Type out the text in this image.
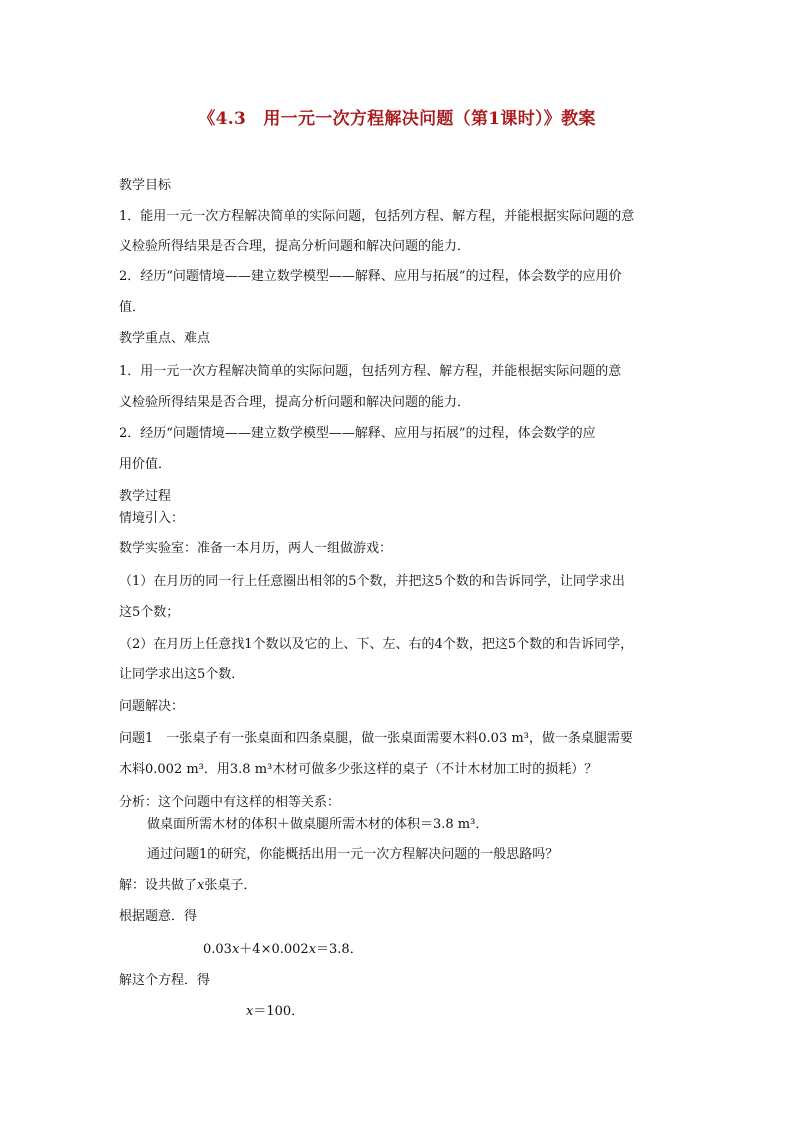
《4.3　用一元一次方程解决问题（第1课时）》教案
教学目标
1．能用一元一次方程解决简单的实际问题，包括列方程、解方程，并能根据实际问题的意
义检验所得结果是否合理，提高分析问题和解决问题的能力．
2．经历“问题情境——建立数学模型——解释、应用与拓展”的过程，体会数学的应用价
值．
教学重点、难点
1．用一元一次方程解决简单的实际问题，包括列方程、解方程，并能根据实际问题的意
义检验所得结果是否合理，提高分析问题和解决问题的能力．
2．经历“问题情境——建立数学模型——解释、应用与拓展”的过程，体会数学的应
用价值．
教学过程
情境引入：
数学实验室：准备一本月历，两人一组做游戏：
（1）在月历的同一行上任意圈出相邻的5个数，并把这5个数的和告诉同学，让同学求出
这5个数；
（2）在月历上任意找1个数以及它的上、下、左、右的4个数，把这5个数的和告诉同学，
让同学求出这5个数．
问题解决：
问题1　一张桌子有一张桌面和四条桌腿，做一张桌面需要木料0.03 m³，做一条桌腿需要
木料0.002 m³．用3.8 m³木材可做多少张这样的桌子（不计木材加工时的损耗）？
分析：这个问题中有这样的相等关系：
做桌面所需木材的体积＋做桌腿所需木材的体积＝3.8 m³．
通过问题1的研究，你能概括出用一元一次方程解决问题的一般思路吗？
解：设共做了x张桌子．
根据题意．得
0.03x＋4×0.002x＝3.8．
解这个方程．得
x＝100．
